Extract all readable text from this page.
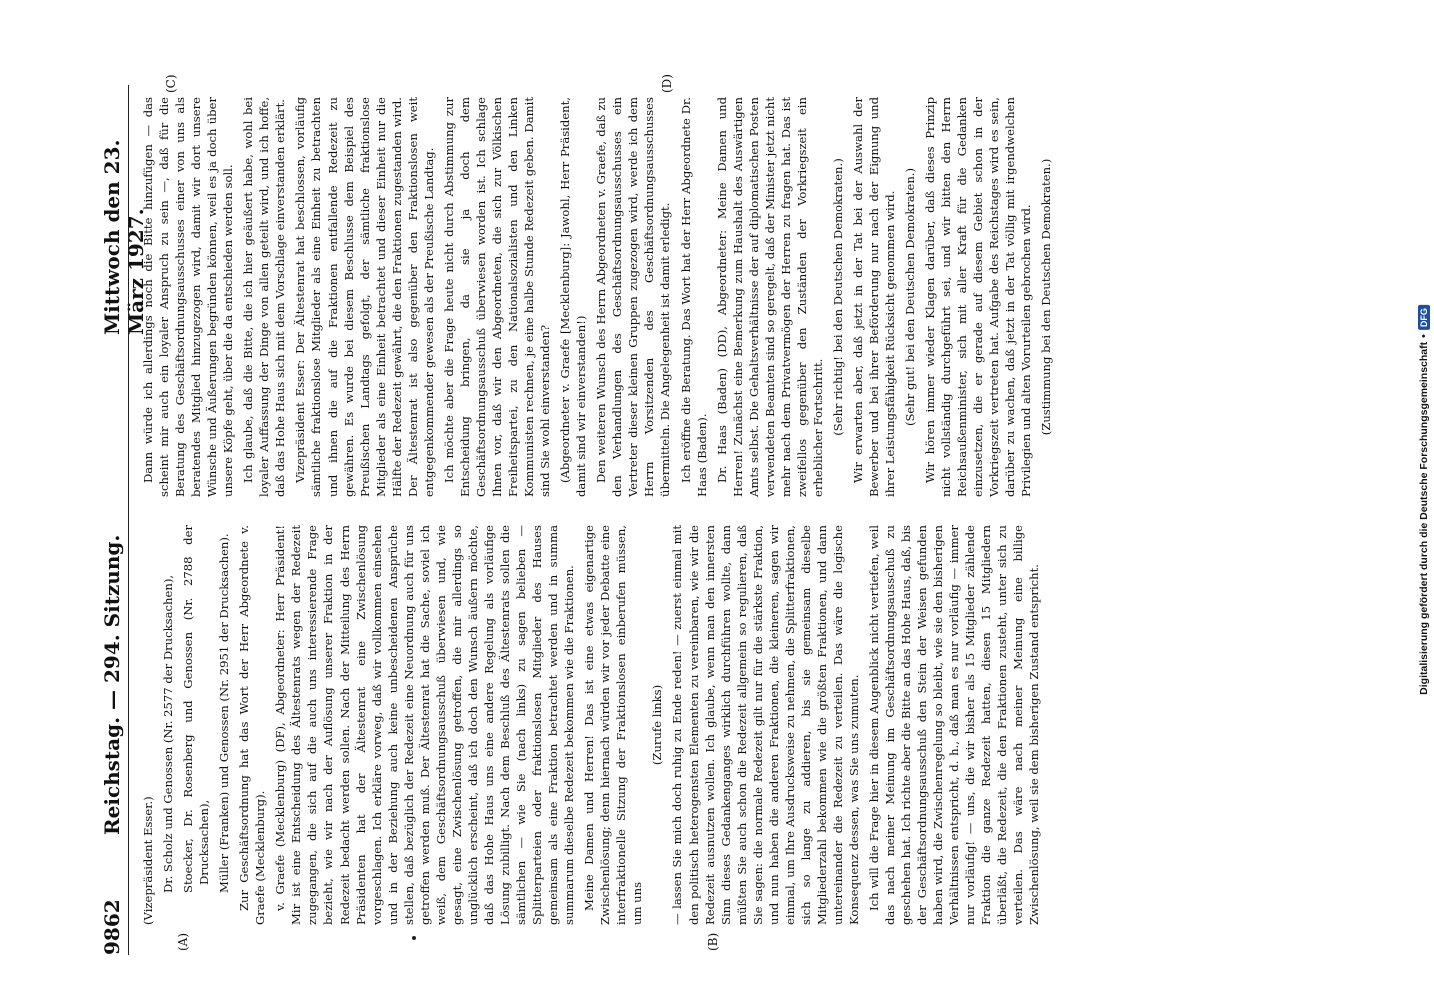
9862
Reichstag. — 294. Sitzung.
Mittwoch den 23. März 1927.
(A)	(B)
(C)	(D)

(Vizepräsident Esser.) Dr. Scholz und Genossen (Nr. 2577 der Drucksachen), Stoecker, Dr. Rosenberg und Genossen (Nr. 2788 der Drucksachen), Müller (Franken) und Genossen (Nr. 2951 der Drucksachen). Zur Geschäftsordnung hat das Wort der Herr Abgeordnete v. Graefe (Mecklenburg). v. Graefe (Mecklenburg) (DF), Abgeordneter: Herr Präsident! Mir ist eine Entscheidung des Ältestenrats wegen der Redezeit zugegangen, die sich auf die auch uns interessierende Frage bezieht, wie wir nach der Auflösung unserer Fraktion in der Redezeit bedacht werden sollen. Nach der Mitteilung des Herrn Präsidenten hat der Ältestenrat eine Zwischenlösung vorgeschlagen. Ich erkläre vorweg, daß wir vollkommen einsehen und in der Beziehung auch keine unbescheidenen Ansprüche stellen, daß bezüglich der Redezeit eine Neuordnung auch für uns getroffen werden muß. Der Ältestenrat hat die Sache, soviel ich weiß, dem Geschäftsordnungsausschuß überwiesen und, wie gesagt, eine Zwischenlösung getroffen, die mir allerdings so unglücklich erscheint, daß ich doch den Wunsch äußern möchte, daß das Hohe Haus uns eine andere Regelung als vorläufige Lösung zubilligt. Nach dem Beschluß des Ältestenrats sollen die sämtlichen — wie Sie (nach links) zu sagen belieben — Splitterparteien oder fraktionslosen Mitglieder des Hauses gemeinsam als eine Fraktion betrachtet werden und in summa summarum dieselbe Redezeit bekommen wie die Fraktionen. Meine Damen und Herren! Das ist eine etwas eigenartige Zwischenlösung; denn hiernach würden wir vor jeder Debatte eine interfraktionelle Sitzung der Fraktionslosen einberufen müssen, um uns

(Zurufe links) — lassen Sie mich doch ruhig zu Ende reden! — zuerst einmal mit den politisch heterogensten Elementen zu vereinbaren, wie wir die Redezeit ausnutzen wollen. Ich glaube, wenn man den innersten Sinn dieses Gedankenganges wirklich durchführen wollte, dann müßten Sie auch schon die Redezeit allgemein so regulieren, daß Sie sagen: die normale Redezeit gilt nur für die stärkste Fraktion, und nun haben die anderen Fraktionen, die kleineren, sagen wir einmal, um Ihre Ausdrucksweise zu nehmen, die Splitterfraktionen, sich so lange zu addieren, bis sie gemeinsam dieselbe Mitgliederzahl bekommen wie die größten Fraktionen, und dann untereinander die Redezeit zu verteilen. Das wäre die logische Konsequenz dessen, was Sie uns zumuten. Ich will die Frage hier in diesem Augenblick nicht vertiefen, weil das nach meiner Meinung im Geschäftsordnungsausschuß zu geschehen hat. Ich richte aber die Bitte an das Hohe Haus, daß, bis der Geschäftsordnungsausschuß den Stein der Weisen gefunden haben wird, die Zwischenregelung so bleibt, wie sie den bisherigen Verhältnissen entspricht, d. h., daß man es nur vorläufig — immer nur vorläufig! — uns, die wir bisher als 15 Mitglieder zählende Fraktion die ganze Redezeit hatten, diesen 15 Mitgliedern überläßt, die Redezeit, die den Fraktionen zusteht, unter sich zu verteilen. Das wäre nach meiner Meinung eine billige Zwischenlösung, weil sie dem bisherigen Zustand entspricht.

Dann würde ich allerdings noch die Bitte hinzufügen — das scheint mir auch ein loyaler Anspruch zu sein —, daß für die Beratung des Geschäftsordnungsausschusses einer von uns als beratendes Mitglied hinzugezogen wird, damit wir dort unsere Wünsche und Äußerungen begründen können, weil es ja doch über unsere Köpfe geht, über die da entschieden werden soll. Ich glaube, daß die Bitte, die ich hier geäußert habe, wohl bei loyaler Auffassung der Dinge von allen geteilt wird, und ich hoffe, daß das Hohe Haus sich mit dem Vorschlage einverstanden erklärt. Vizepräsident Esser: Der Ältestenrat hat beschlossen, vorläufig sämtliche fraktionslose Mitglieder als eine Einheit zu betrachten und ihnen die auf die Fraktionen entfallende Redezeit zu gewähren. Es wurde bei diesem Beschlusse dem Beispiel des Preußischen Landtags gefolgt, der sämtliche fraktionslose Mitglieder als eine Einheit betrachtet und dieser Einheit nur die Hälfte der Redezeit gewährt, die den Fraktionen zugestanden wird. Der Ältestenrat ist also gegenüber den Fraktionslosen weit entgegenkommender gewesen als der Preußische Landtag. Ich möchte aber die Frage heute nicht durch Abstimmung zur Entscheidung bringen, da sie ja doch dem Geschäftsordnungsausschuß überwiesen worden ist. Ich schlage Ihnen vor, daß wir den Abgeordneten, die sich zur Völkischen Freiheitspartei, zu den Nationalsozialisten und den Linken Kommunisten rechnen, je eine halbe Stunde Redezeit geben. Damit sind Sie wohl einverstanden? (Abgeordneter v. Graefe [Mecklenburg]: Jawohl, Herr Präsident, damit sind wir einverstanden!) Den weiteren Wunsch des Herrn Abgeordneten v. Graefe, daß zu den Verhandlungen des Geschäftsordnungsausschusses ein Vertreter dieser kleinen Gruppen zugezogen wird, werde ich dem Herrn Vorsitzenden des Geschäftsordnungsausschusses übermitteln. Die Angelegenheit ist damit erledigt. Ich eröffne die Beratung. Das Wort hat der Herr Abgeordnete Dr. Haas (Baden). Dr. Haas (Baden) (DD), Abgeordneter: Meine Damen und Herren! Zunächst eine Bemerkung zum Haushalt des Auswärtigen Amts selbst. Die Gehaltsverhältnisse der auf diplomatischen Posten verwendeten Beamten sind so geregelt, daß der Minister jetzt nicht mehr nach dem Privatvermögen der Herren zu fragen hat. Das ist zweifellos gegenüber den Zuständen der Vorkriegszeit ein erheblicher Fortschritt. (Sehr richtig! bei den Deutschen Demokraten.) Wir erwarten aber, daß jetzt in der Tat bei der Auswahl der Bewerber und bei ihrer Beförderung nur nach der Eignung und ihrer Leistungsfähigkeit Rücksicht genommen wird. (Sehr gut! bei den Deutschen Demokraten.) Wir hören immer wieder Klagen darüber, daß dieses Prinzip nicht vollständig durchgeführt sei, und wir bitten den Herrn Reichsaußenminister, sich mit aller Kraft für die Gedanken einzusetzen, die er gerade auf diesem Gebiet schon in der Vorkriegszeit vertreten hat. Aufgabe des Reichstages wird es sein, darüber zu wachen, daß jetzt in der Tat völlig mit irgendwelchen Privilegien und alten Vorurteilen gebrochen wird. (Zustimmung bei den Deutschen Demokraten.)

Digitalisierung gefördert durch die Deutsche Forschungsgemeinschaft
•
DFG
